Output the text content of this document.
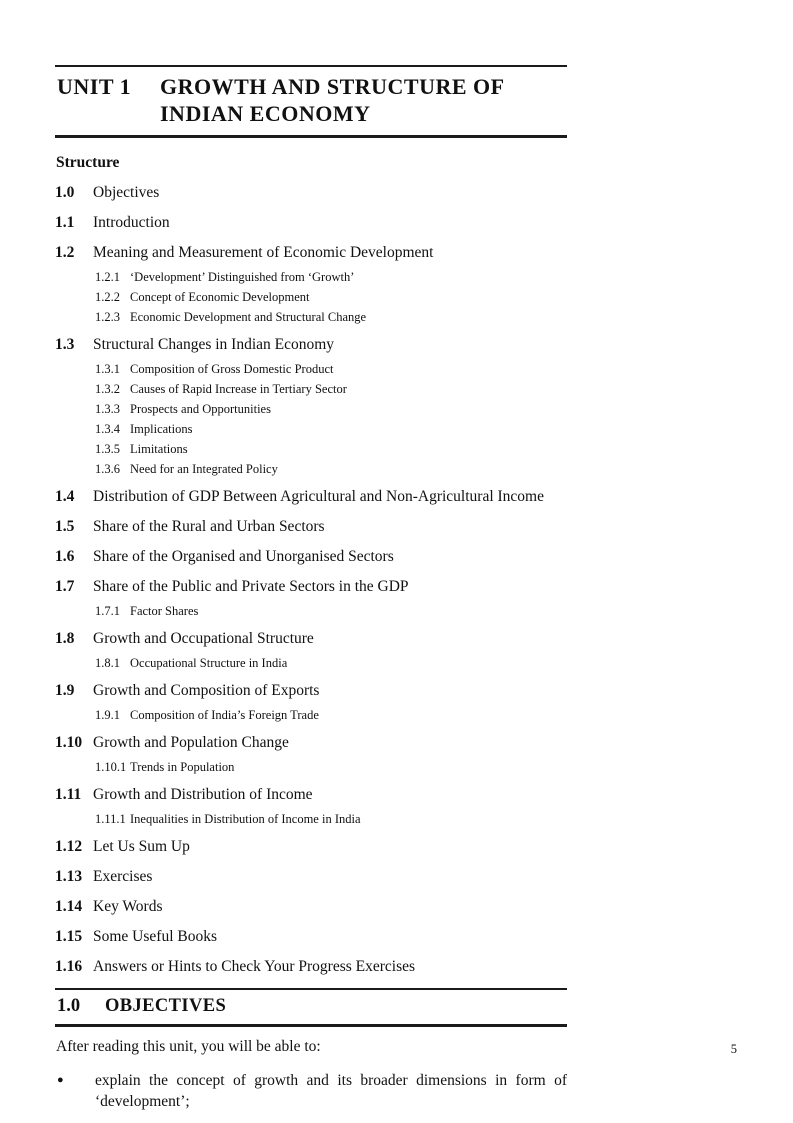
UNIT 1	GROWTH AND STRUCTURE OF
INDIAN ECONOMY
Structure
1.0	Objectives
1.1	Introduction
1.2	Meaning and Measurement of Economic Development
1.2.1 ‘Development’ Distinguished from ‘Growth’
1.2.2 Concept of Economic Development
1.2.3 Economic Development and Structural Change
1.3	Structural Changes in Indian Economy
1.3.1 Composition of Gross Domestic Product
1.3.2 Causes of Rapid Increase in Tertiary Sector
1.3.3 Prospects and Opportunities
1.3.4 Implications
1.3.5 Limitations
1.3.6 Need for an Integrated Policy
1.4	Distribution of GDP Between Agricultural and Non-Agricultural Income
1.5	Share of the Rural and Urban Sectors
1.6	Share of the Organised and Unorganised Sectors
1.7	Share of the Public and Private Sectors in the GDP
1.7.1 Factor Shares
1.8	Growth and Occupational Structure
1.8.1 Occupational Structure in India
1.9	Growth and Composition of Exports
1.9.1 Composition of India’s Foreign Trade
1.10 Growth and Population Change
1.10.1 Trends in Population
1.11 Growth and Distribution of Income
1.11.1 Inequalities in Distribution of Income in India
1.12 Let Us Sum Up
1.13 Exercises
1.14 Key Words
1.15 Some Useful Books
1.16 Answers or Hints to Check Your Progress Exercises
1.0	OBJECTIVES

After reading this unit, you will be able to:

●	explain the concept of growth and its broader dimensions in form of ‘development’;
5
